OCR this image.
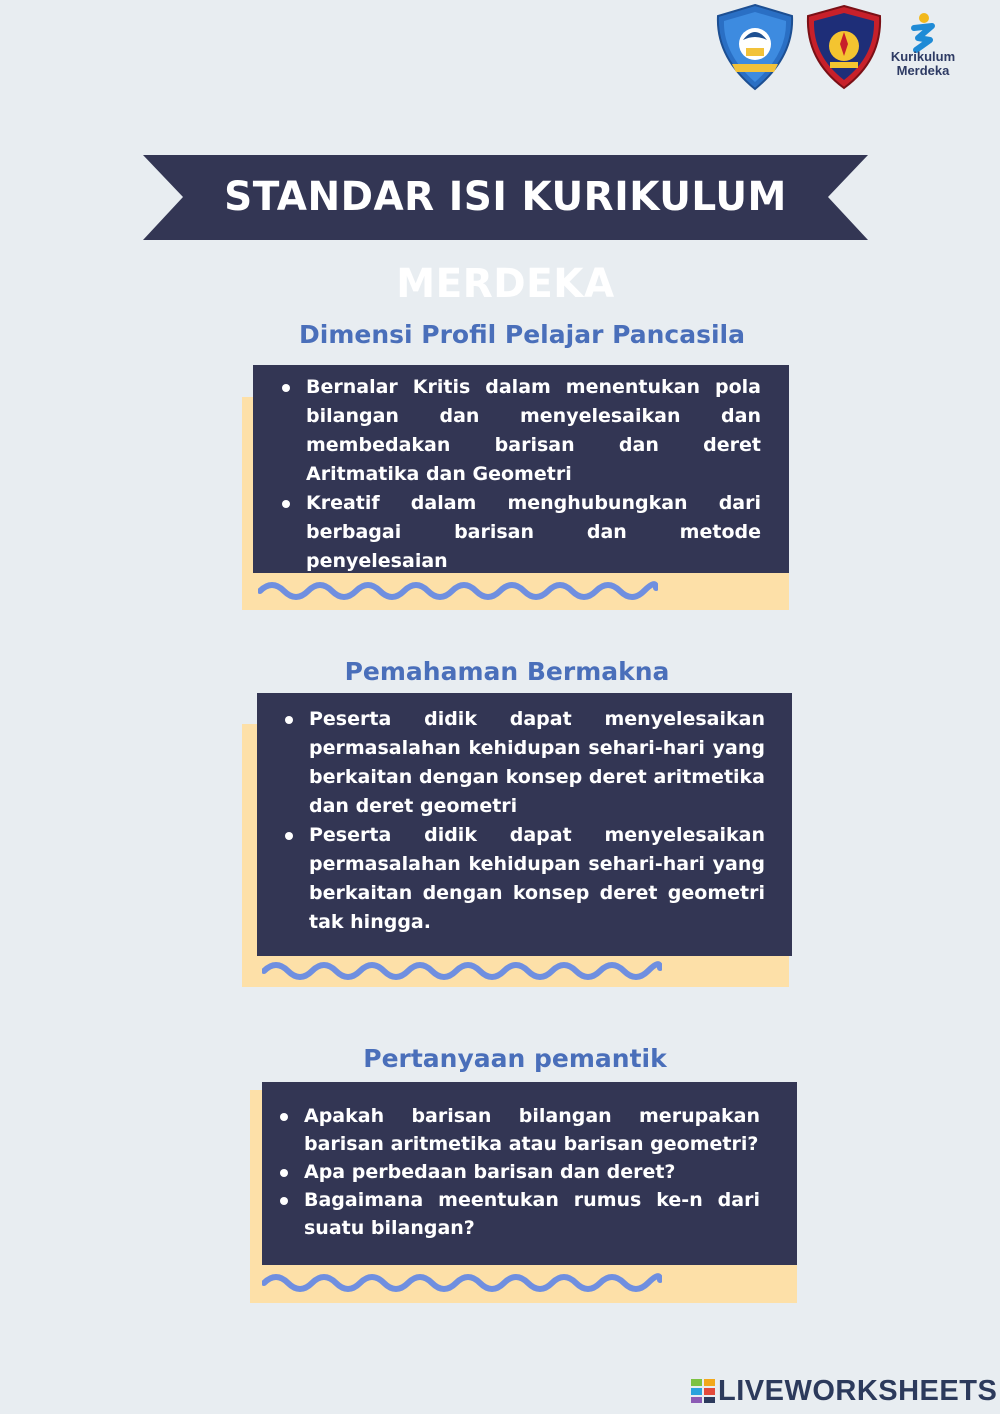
Kurikulum
Merdeka
STANDAR ISI KURIKULUM MERDEKA
Dimensi Profil Pelajar Pancasila
Bernalar Kritis dalam menentukan pola bilangan dan menyelesaikan dan membedakan barisan dan deret Aritmatika dan Geometri
Kreatif dalam menghubungkan dari berbagai barisan dan metode penyelesaian
Pemahaman Bermakna
Peserta didik dapat menyelesaikan permasalahan kehidupan sehari-hari yang berkaitan dengan konsep deret aritmetika dan deret geometri
Peserta didik dapat menyelesaikan permasalahan kehidupan sehari-hari yang berkaitan dengan konsep deret geometri tak hingga.
Pertanyaan pemantik
Apakah barisan bilangan merupakan barisan aritmetika atau barisan geometri?
Apa perbedaan barisan dan deret?
Bagaimana meentukan rumus ke-n dari suatu bilangan?
LIVEWORKSHEETS
